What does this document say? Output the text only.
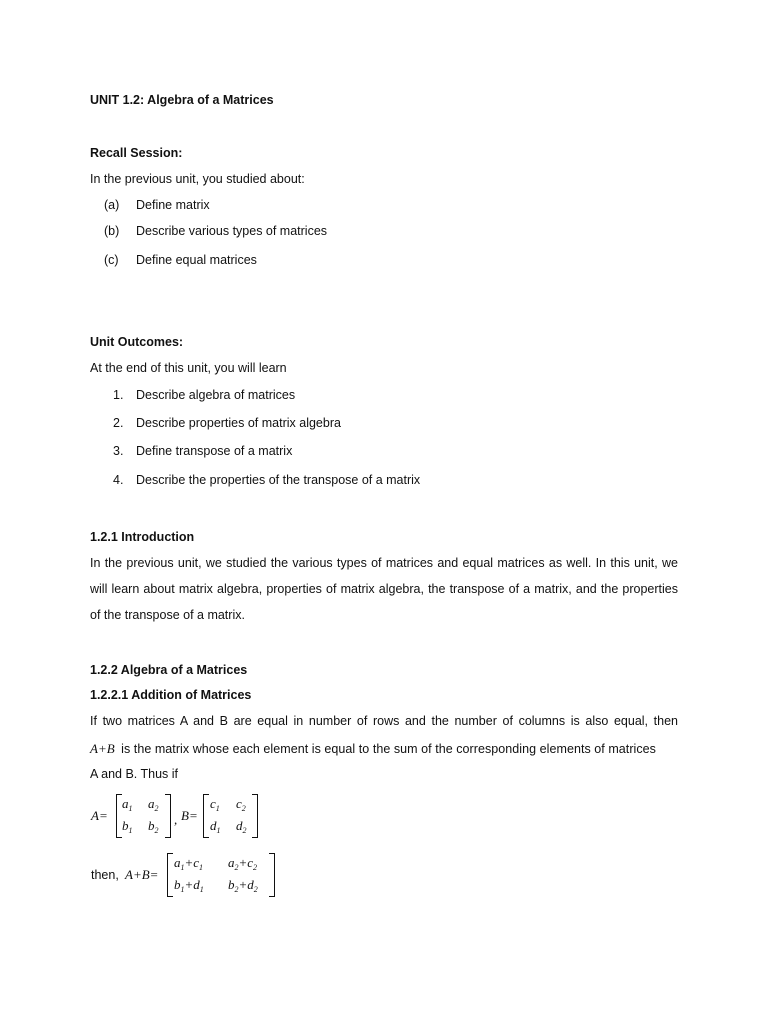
UNIT 1.2: Algebra of a Matrices
Recall Session:
In the previous unit, you studied about:
(a) Define matrix
(b) Describe various types of matrices
(c) Define equal matrices
Unit Outcomes:
At the end of this unit, you will learn
1. Describe algebra of matrices
2. Describe properties of matrix algebra
3. Define transpose of a matrix
4. Describe the properties of the transpose of a matrix
1.2.1 Introduction
In the previous unit, we studied the various types of matrices and equal matrices as well. In this unit, we will learn about matrix algebra, properties of matrix algebra, the transpose of a matrix, and the properties of the transpose of a matrix.
1.2.2 Algebra of a Matrices
1.2.2.1 Addition of Matrices
If two matrices A and B are equal in number of rows and the number of columns is also equal, then
A+B is the matrix whose each element is equal to the sum of the corresponding elements of matrices
A and B. Thus if
A=
$a_1$ $a_2$
$b_1$ $b_2$
, B=
$c_1$ $c_2$
$d_1$ $d_2$
then, A+B=
$a_1+c_1$ $a_2+c_2$
$b_1+d_1$ $b_2+d_2$
